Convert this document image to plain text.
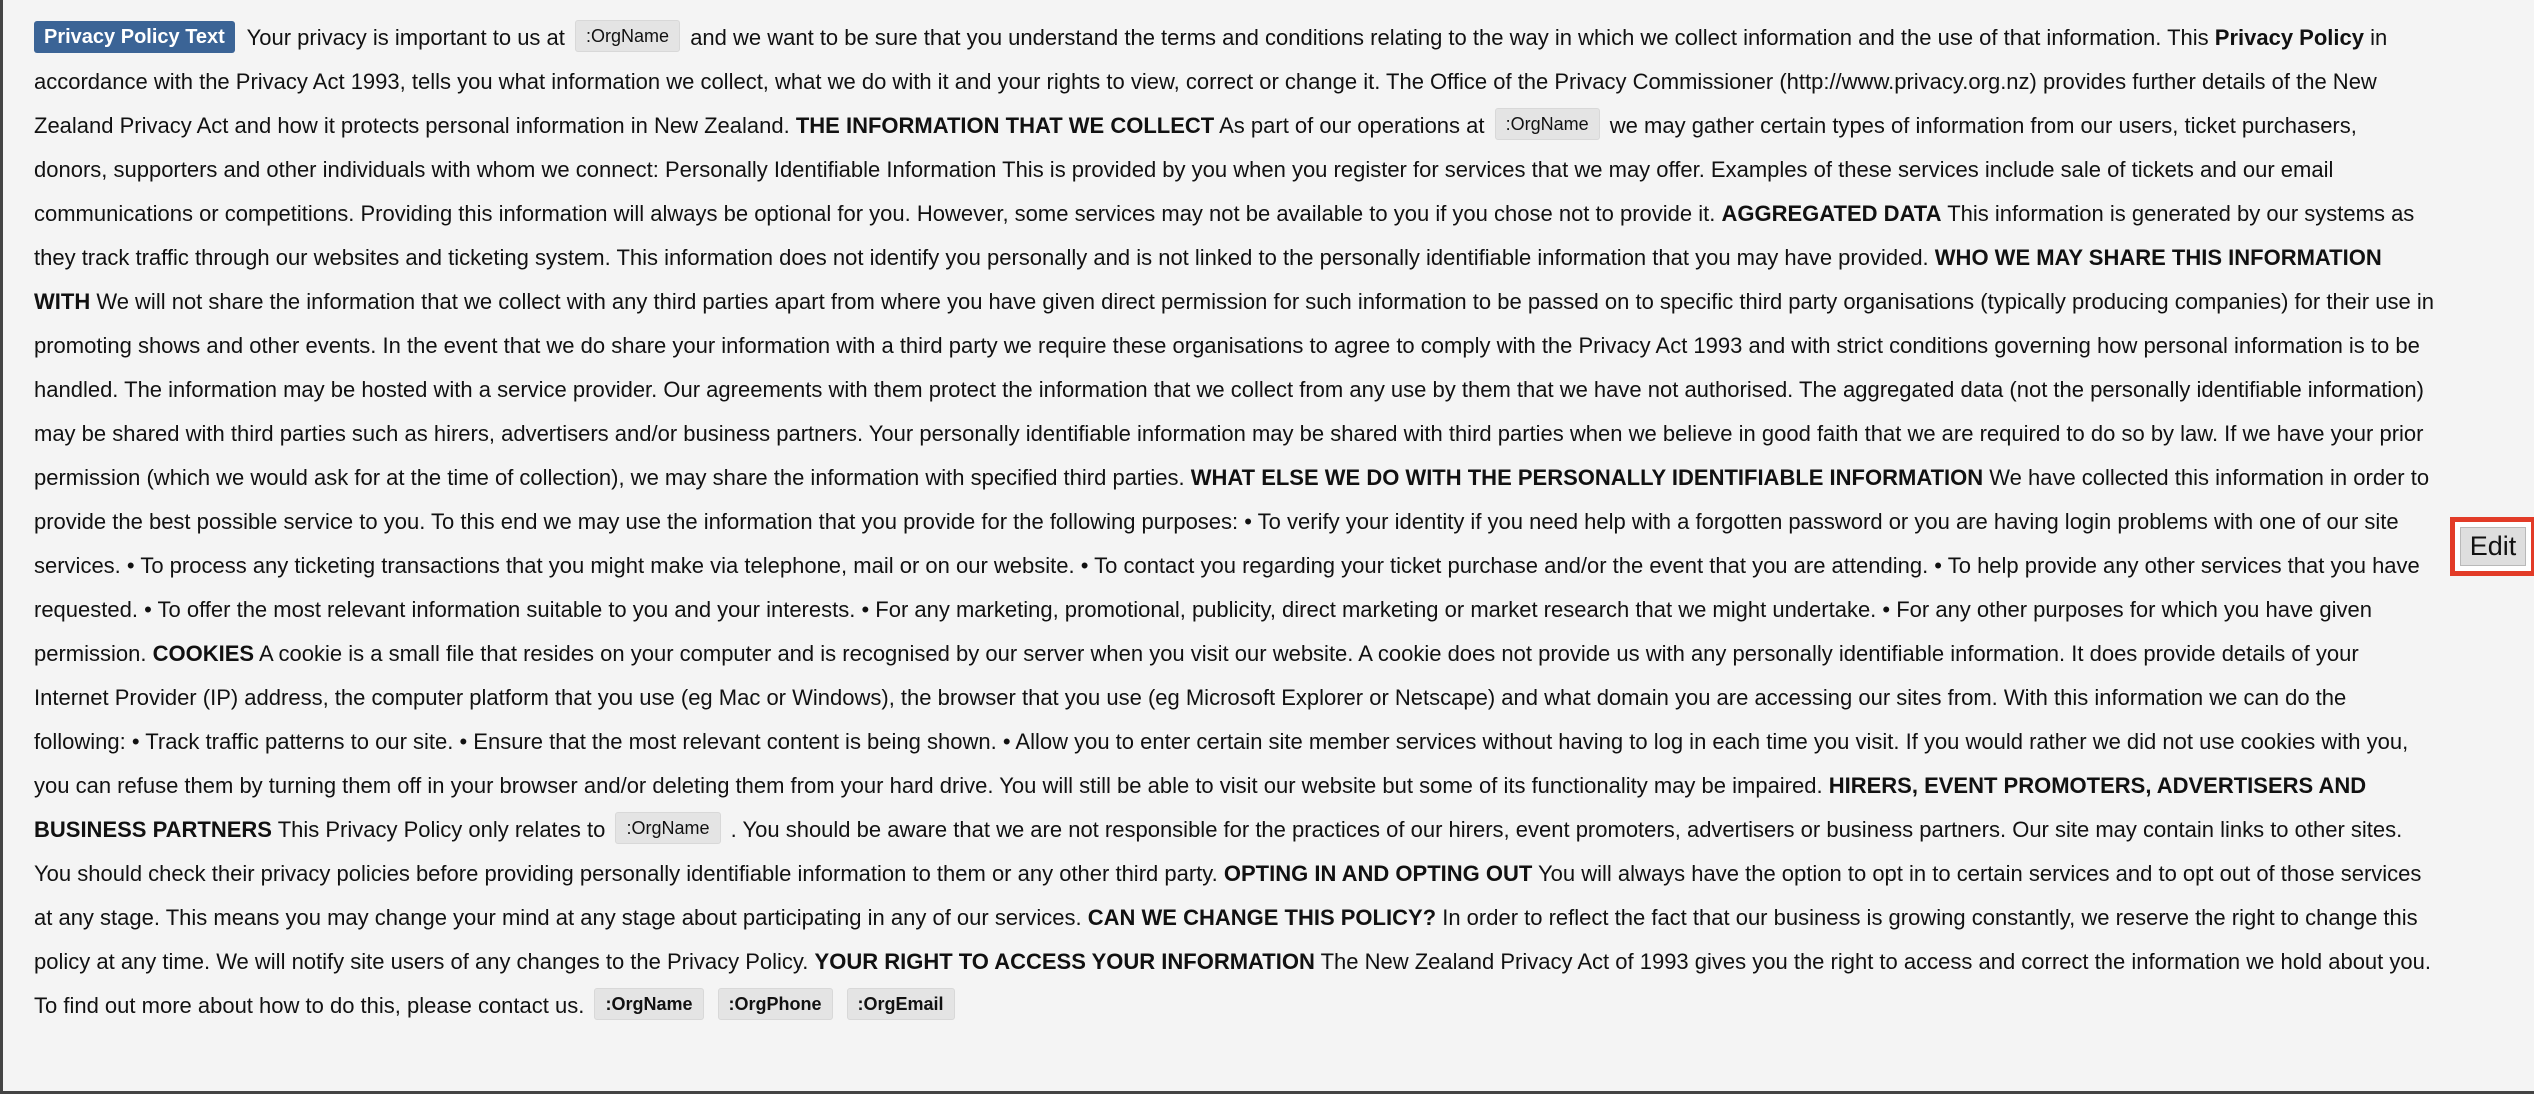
Privacy Policy Text Your privacy is important to us at :OrgName and we want to be sure that you understand the terms and conditions relating to the way in which we collect information and the use of that information. This Privacy Policy in accordance with the Privacy Act 1993, tells you what information we collect, what we do with it and your rights to view, correct or change it. The Office of the Privacy Commissioner (http://www.privacy.org.nz) provides further details of the New Zealand Privacy Act and how it protects personal information in New Zealand. THE INFORMATION THAT WE COLLECT As part of our operations at :OrgName we may gather certain types of information from our users, ticket purchasers, donors, supporters and other individuals with whom we connect: Personally Identifiable Information This is provided by you when you register for services that we may offer. Examples of these services include sale of tickets and our email communications or competitions. Providing this information will always be optional for you. However, some services may not be available to you if you chose not to provide it. AGGREGATED DATA This information is generated by our systems as they track traffic through our websites and ticketing system. This information does not identify you personally and is not linked to the personally identifiable information that you may have provided. WHO WE MAY SHARE THIS INFORMATION WITH We will not share the information that we collect with any third parties apart from where you have given direct permission for such information to be passed on to specific third party organisations (typically producing companies) for their use in promoting shows and other events. In the event that we do share your information with a third party we require these organisations to agree to comply with the Privacy Act 1993 and with strict conditions governing how personal information is to be handled. The information may be hosted with a service provider. Our agreements with them protect the information that we collect from any use by them that we have not authorised. The aggregated data (not the personally identifiable information) may be shared with third parties such as hirers, advertisers and/or business partners. Your personally identifiable information may be shared with third parties when we believe in good faith that we are required to do so by law. If we have your prior permission (which we would ask for at the time of collection), we may share the information with specified third parties. WHAT ELSE WE DO WITH THE PERSONALLY IDENTIFIABLE INFORMATION We have collected this information in order to provide the best possible service to you. To this end we may use the information that you provide for the following purposes: • To verify your identity if you need help with a forgotten password or you are having login problems with one of our site services. • To process any ticketing transactions that you might make via telephone, mail or on our website. • To contact you regarding your ticket purchase and/or the event that you are attending. • To help provide any other services that you have requested. • To offer the most relevant information suitable to you and your interests. • For any marketing, promotional, publicity, direct marketing or market research that we might undertake. • For any other purposes for which you have given permission. COOKIES A cookie is a small file that resides on your computer and is recognised by our server when you visit our website. A cookie does not provide us with any personally identifiable information. It does provide details of your Internet Provider (IP) address, the computer platform that you use (eg Mac or Windows), the browser that you use (eg Microsoft Explorer or Netscape) and what domain you are accessing our sites from. With this information we can do the following: • Track traffic patterns to our site. • Ensure that the most relevant content is being shown. • Allow you to enter certain site member services without having to log in each time you visit. If you would rather we did not use cookies with you, you can refuse them by turning them off in your browser and/or deleting them from your hard drive. You will still be able to visit our website but some of its functionality may be impaired. HIRERS, EVENT PROMOTERS, ADVERTISERS AND BUSINESS PARTNERS This Privacy Policy only relates to :OrgName . You should be aware that we are not responsible for the practices of our hirers, event promoters, advertisers or business partners. Our site may contain links to other sites. You should check their privacy policies before providing personally identifiable information to them or any other third party. OPTING IN AND OPTING OUT You will always have the option to opt in to certain services and to opt out of those services at any stage. This means you may change your mind at any stage about participating in any of our services. CAN WE CHANGE THIS POLICY? In order to reflect the fact that our business is growing constantly, we reserve the right to change this policy at any time. We will notify site users of any changes to the Privacy Policy. YOUR RIGHT TO ACCESS YOUR INFORMATION The New Zealand Privacy Act of 1993 gives you the right to access and correct the information we hold about you. To find out more about how to do this, please contact us. :OrgName :OrgPhone :OrgEmail
Edit
